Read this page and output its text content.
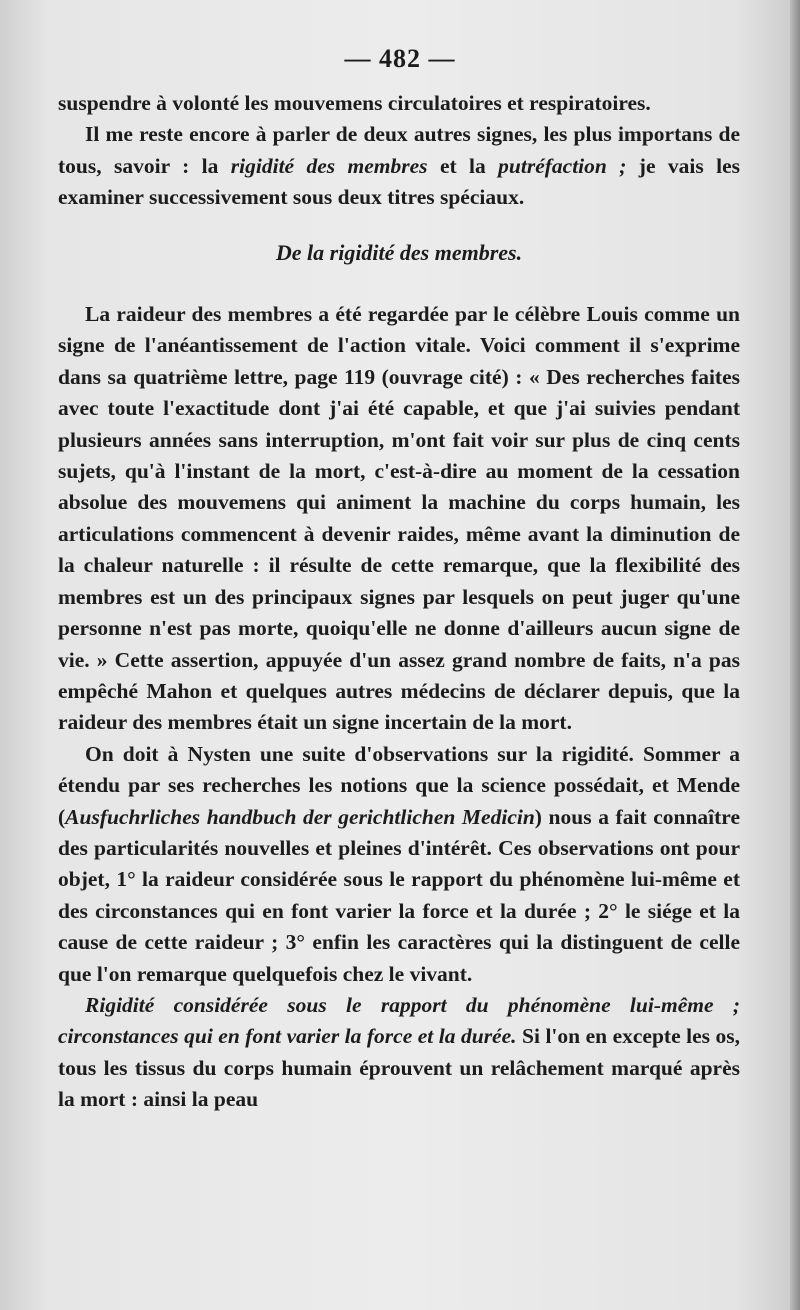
— 482 —

suspendre à volonté les mouvemens circulatoires et respiratoires.

Il me reste encore à parler de deux autres signes, les plus importans de tous, savoir : la rigidité des membres et la putréfaction ; je vais les examiner successivement sous deux titres spéciaux.

De la rigidité des membres.

La raideur des membres a été regardée par le célèbre Louis comme un signe de l'anéantissement de l'action vitale. Voici comment il s'exprime dans sa quatrième lettre, page 119 (ouvrage cité) : « Des recherches faites avec toute l'exactitude dont j'ai été capable, et que j'ai suivies pendant plusieurs années sans interruption, m'ont fait voir sur plus de cinq cents sujets, qu'à l'instant de la mort, c'est-à-dire au moment de la cessation absolue des mouvemens qui animent la machine du corps humain, les articulations commencent à devenir raides, même avant la diminution de la chaleur naturelle : il résulte de cette remarque, que la flexibilité des membres est un des principaux signes par lesquels on peut juger qu'une personne n'est pas morte, quoiqu'elle ne donne d'ailleurs aucun signe de vie. » Cette assertion, appuyée d'un assez grand nombre de faits, n'a pas empêché Mahon et quelques autres médecins de déclarer depuis, que la raideur des membres était un signe incertain de la mort.

On doit à Nysten une suite d'observations sur la rigidité. Sommer a étendu par ses recherches les notions que la science possédait, et Mende (Ausfuchrliches handbuch der gerichtlichen Medicin) nous a fait connaître des particularités nouvelles et pleines d'intérêt. Ces observations ont pour objet, 1° la raideur considérée sous le rapport du phénomène lui-même et des circonstances qui en font varier la force et la durée ; 2° le siége et la cause de cette raideur ; 3° enfin les caractères qui la distinguent de celle que l'on remarque quelquefois chez le vivant.

Rigidité considérée sous le rapport du phénomène lui-même ; circonstances qui en font varier la force et la durée. Si l'on en excepte les os, tous les tissus du corps humain éprouvent un relâchement marqué après la mort : ainsi la peau
